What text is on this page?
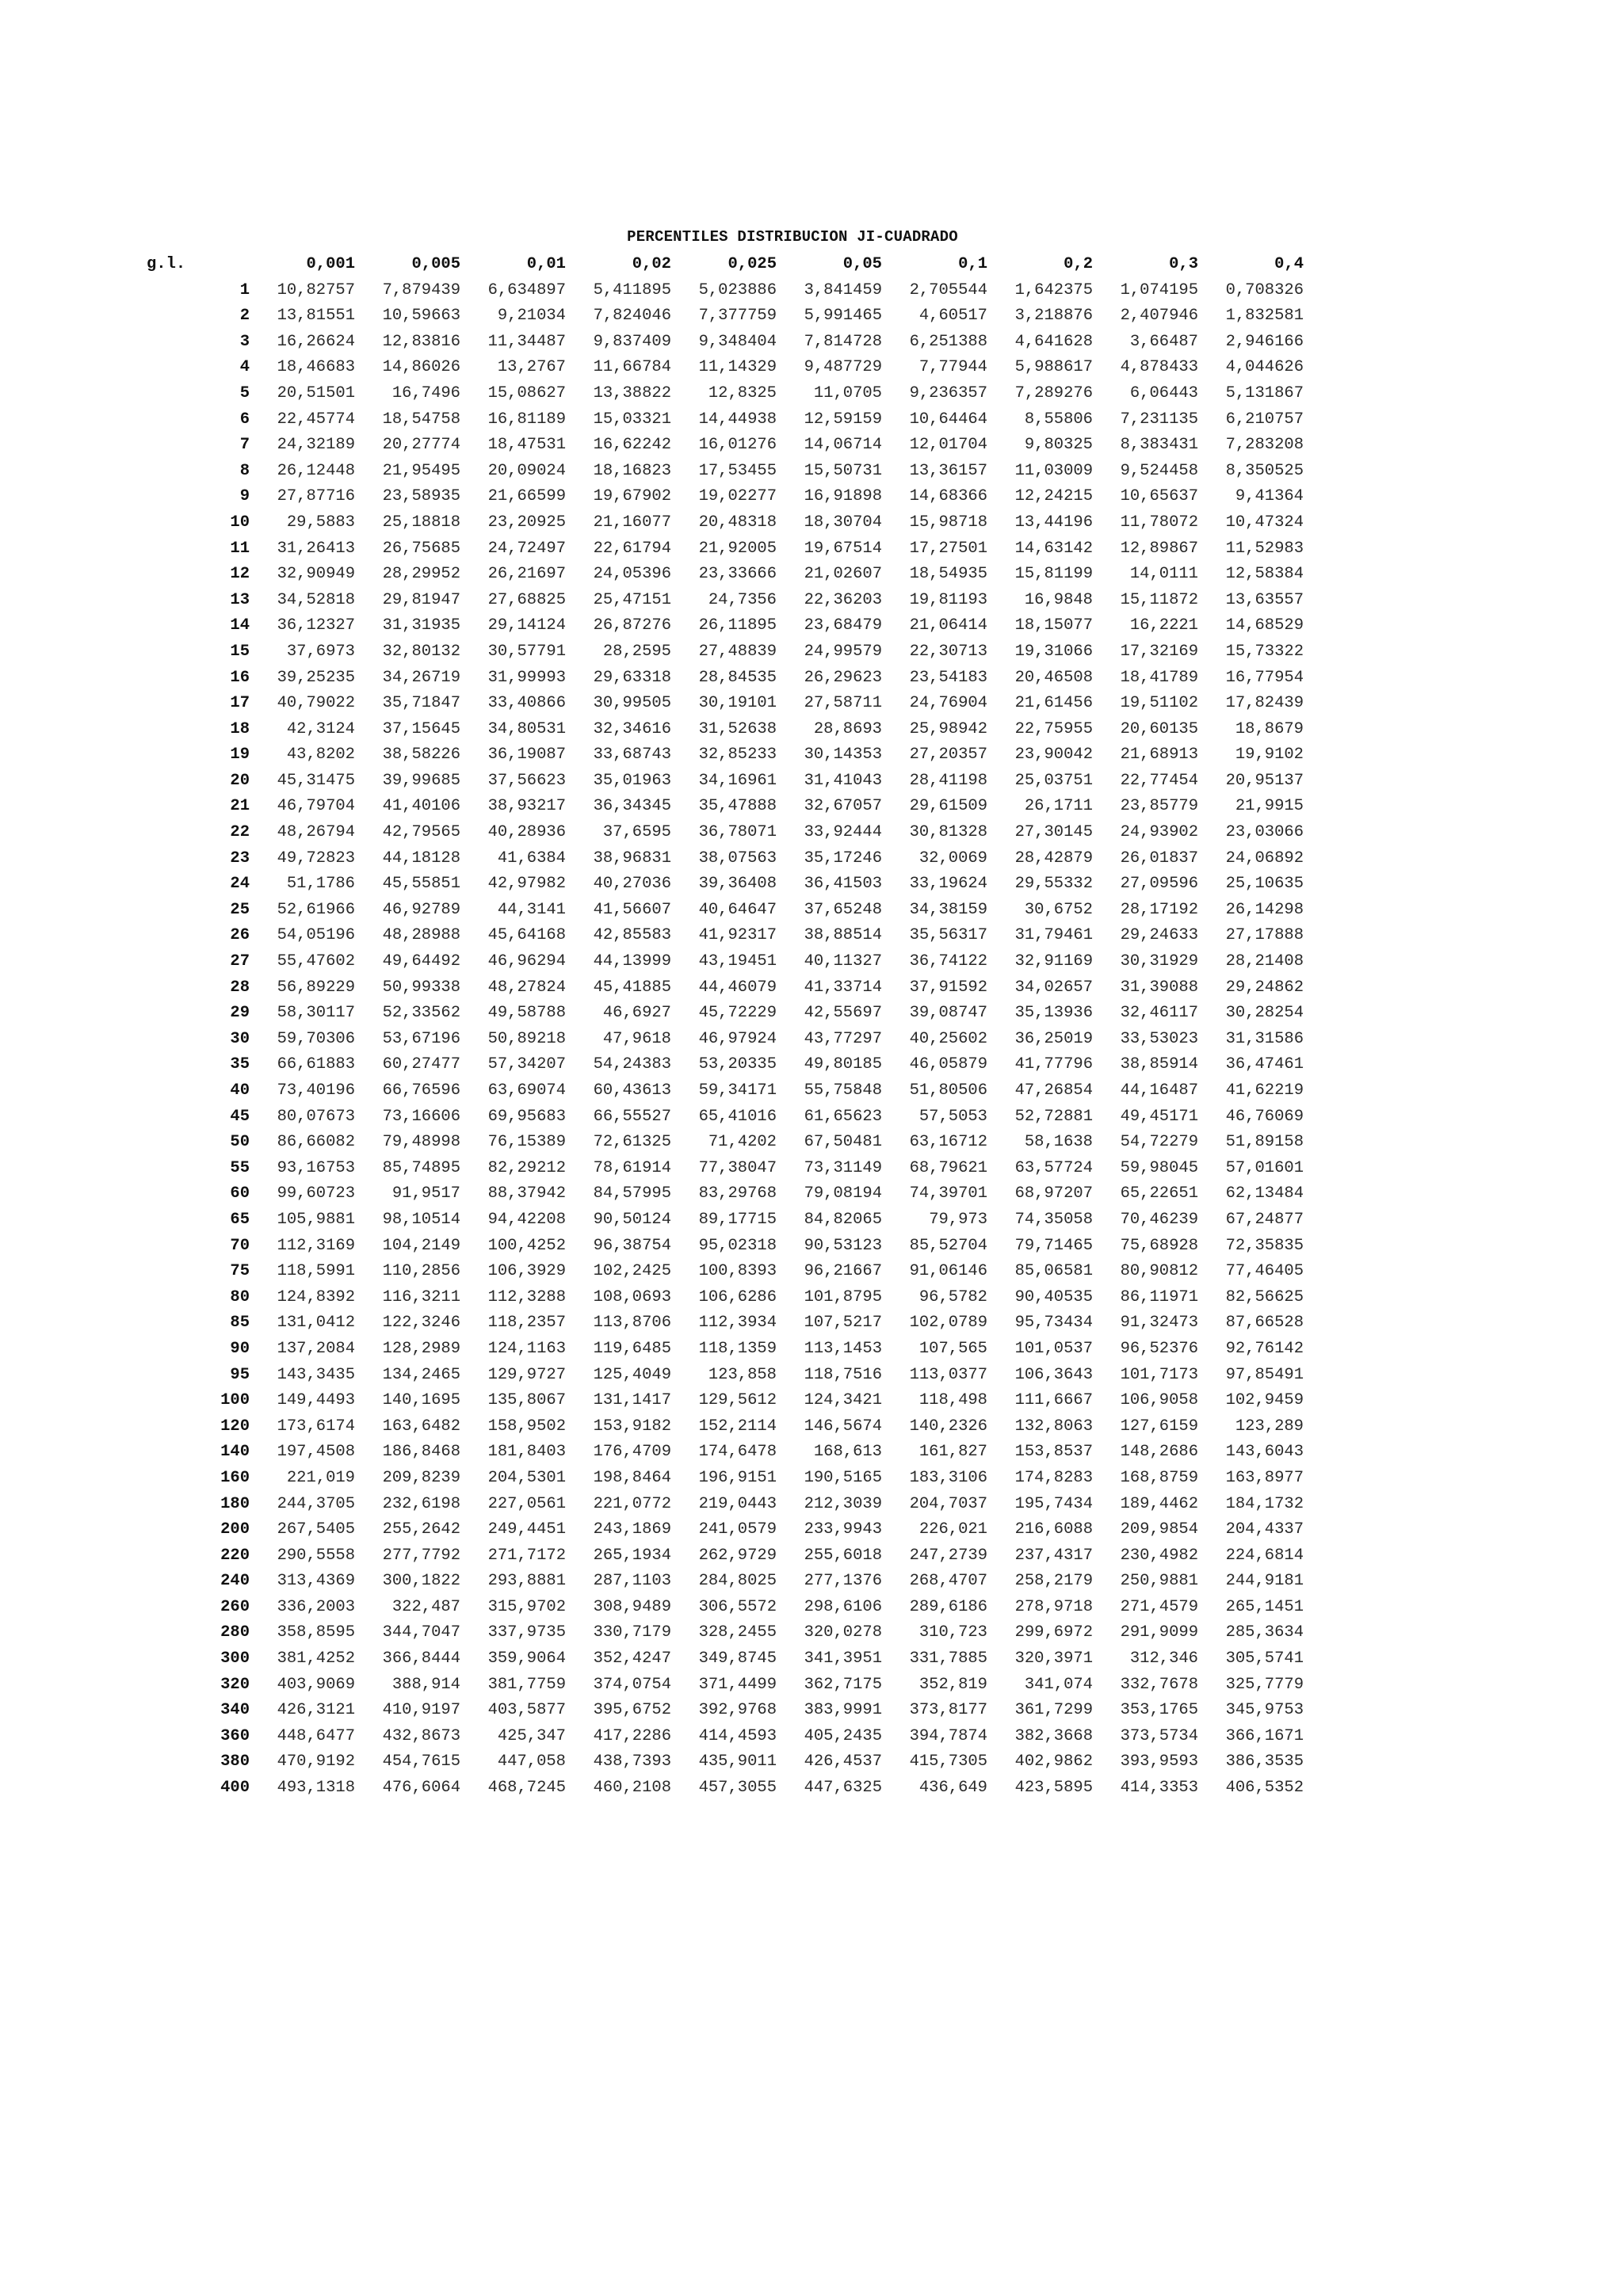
PERCENTILES DISTRIBUCION JI-CUADRADO
g.l.	0,001	0,005	0,01	0,02	0,025	0,05	0,1	0,2	0,3	0,4
1	10,82757	7,879439	6,634897	5,411895	5,023886	3,841459	2,705544	1,642375	1,074195	0,708326
2	13,81551	10,59663	9,21034	7,824046	7,377759	5,991465	4,60517	3,218876	2,407946	1,832581
3	16,26624	12,83816	11,34487	9,837409	9,348404	7,814728	6,251388	4,641628	3,66487	2,946166
4	18,46683	14,86026	13,2767	11,66784	11,14329	9,487729	7,77944	5,988617	4,878433	4,044626
5	20,51501	16,7496	15,08627	13,38822	12,8325	11,0705	9,236357	7,289276	6,06443	5,131867
6	22,45774	18,54758	16,81189	15,03321	14,44938	12,59159	10,64464	8,55806	7,231135	6,210757
7	24,32189	20,27774	18,47531	16,62242	16,01276	14,06714	12,01704	9,80325	8,383431	7,283208
8	26,12448	21,95495	20,09024	18,16823	17,53455	15,50731	13,36157	11,03009	9,524458	8,350525
9	27,87716	23,58935	21,66599	19,67902	19,02277	16,91898	14,68366	12,24215	10,65637	9,41364
10	29,5883	25,18818	23,20925	21,16077	20,48318	18,30704	15,98718	13,44196	11,78072	10,47324
11	31,26413	26,75685	24,72497	22,61794	21,92005	19,67514	17,27501	14,63142	12,89867	11,52983
12	32,90949	28,29952	26,21697	24,05396	23,33666	21,02607	18,54935	15,81199	14,0111	12,58384
13	34,52818	29,81947	27,68825	25,47151	24,7356	22,36203	19,81193	16,9848	15,11872	13,63557
14	36,12327	31,31935	29,14124	26,87276	26,11895	23,68479	21,06414	18,15077	16,2221	14,68529
15	37,6973	32,80132	30,57791	28,2595	27,48839	24,99579	22,30713	19,31066	17,32169	15,73322
16	39,25235	34,26719	31,99993	29,63318	28,84535	26,29623	23,54183	20,46508	18,41789	16,77954
17	40,79022	35,71847	33,40866	30,99505	30,19101	27,58711	24,76904	21,61456	19,51102	17,82439
18	42,3124	37,15645	34,80531	32,34616	31,52638	28,8693	25,98942	22,75955	20,60135	18,8679
19	43,8202	38,58226	36,19087	33,68743	32,85233	30,14353	27,20357	23,90042	21,68913	19,9102
20	45,31475	39,99685	37,56623	35,01963	34,16961	31,41043	28,41198	25,03751	22,77454	20,95137
21	46,79704	41,40106	38,93217	36,34345	35,47888	32,67057	29,61509	26,1711	23,85779	21,9915
22	48,26794	42,79565	40,28936	37,6595	36,78071	33,92444	30,81328	27,30145	24,93902	23,03066
23	49,72823	44,18128	41,6384	38,96831	38,07563	35,17246	32,0069	28,42879	26,01837	24,06892
24	51,1786	45,55851	42,97982	40,27036	39,36408	36,41503	33,19624	29,55332	27,09596	25,10635
25	52,61966	46,92789	44,3141	41,56607	40,64647	37,65248	34,38159	30,6752	28,17192	26,14298
26	54,05196	48,28988	45,64168	42,85583	41,92317	38,88514	35,56317	31,79461	29,24633	27,17888
27	55,47602	49,64492	46,96294	44,13999	43,19451	40,11327	36,74122	32,91169	30,31929	28,21408
28	56,89229	50,99338	48,27824	45,41885	44,46079	41,33714	37,91592	34,02657	31,39088	29,24862
29	58,30117	52,33562	49,58788	46,6927	45,72229	42,55697	39,08747	35,13936	32,46117	30,28254
30	59,70306	53,67196	50,89218	47,9618	46,97924	43,77297	40,25602	36,25019	33,53023	31,31586
35	66,61883	60,27477	57,34207	54,24383	53,20335	49,80185	46,05879	41,77796	38,85914	36,47461
40	73,40196	66,76596	63,69074	60,43613	59,34171	55,75848	51,80506	47,26854	44,16487	41,62219
45	80,07673	73,16606	69,95683	66,55527	65,41016	61,65623	57,5053	52,72881	49,45171	46,76069
50	86,66082	79,48998	76,15389	72,61325	71,4202	67,50481	63,16712	58,1638	54,72279	51,89158
55	93,16753	85,74895	82,29212	78,61914	77,38047	73,31149	68,79621	63,57724	59,98045	57,01601
60	99,60723	91,9517	88,37942	84,57995	83,29768	79,08194	74,39701	68,97207	65,22651	62,13484
65	105,9881	98,10514	94,42208	90,50124	89,17715	84,82065	79,973	74,35058	70,46239	67,24877
70	112,3169	104,2149	100,4252	96,38754	95,02318	90,53123	85,52704	79,71465	75,68928	72,35835
75	118,5991	110,2856	106,3929	102,2425	100,8393	96,21667	91,06146	85,06581	80,90812	77,46405
80	124,8392	116,3211	112,3288	108,0693	106,6286	101,8795	96,5782	90,40535	86,11971	82,56625
85	131,0412	122,3246	118,2357	113,8706	112,3934	107,5217	102,0789	95,73434	91,32473	87,66528
90	137,2084	128,2989	124,1163	119,6485	118,1359	113,1453	107,565	101,0537	96,52376	92,76142
95	143,3435	134,2465	129,9727	125,4049	123,858	118,7516	113,0377	106,3643	101,7173	97,85491
100	149,4493	140,1695	135,8067	131,1417	129,5612	124,3421	118,498	111,6667	106,9058	102,9459
120	173,6174	163,6482	158,9502	153,9182	152,2114	146,5674	140,2326	132,8063	127,6159	123,289
140	197,4508	186,8468	181,8403	176,4709	174,6478	168,613	161,827	153,8537	148,2686	143,6043
160	221,019	209,8239	204,5301	198,8464	196,9151	190,5165	183,3106	174,8283	168,8759	163,8977
180	244,3705	232,6198	227,0561	221,0772	219,0443	212,3039	204,7037	195,7434	189,4462	184,1732
200	267,5405	255,2642	249,4451	243,1869	241,0579	233,9943	226,021	216,6088	209,9854	204,4337
220	290,5558	277,7792	271,7172	265,1934	262,9729	255,6018	247,2739	237,4317	230,4982	224,6814
240	313,4369	300,1822	293,8881	287,1103	284,8025	277,1376	268,4707	258,2179	250,9881	244,9181
260	336,2003	322,487	315,9702	308,9489	306,5572	298,6106	289,6186	278,9718	271,4579	265,1451
280	358,8595	344,7047	337,9735	330,7179	328,2455	320,0278	310,723	299,6972	291,9099	285,3634
300	381,4252	366,8444	359,9064	352,4247	349,8745	341,3951	331,7885	320,3971	312,346	305,5741
320	403,9069	388,914	381,7759	374,0754	371,4499	362,7175	352,819	341,074	332,7678	325,7779
340	426,3121	410,9197	403,5877	395,6752	392,9768	383,9991	373,8177	361,7299	353,1765	345,9753
360	448,6477	432,8673	425,347	417,2286	414,4593	405,2435	394,7874	382,3668	373,5734	366,1671
380	470,9192	454,7615	447,058	438,7393	435,9011	426,4537	415,7305	402,9862	393,9593	386,3535
400	493,1318	476,6064	468,7245	460,2108	457,3055	447,6325	436,649	423,5895	414,3353	406,5352
